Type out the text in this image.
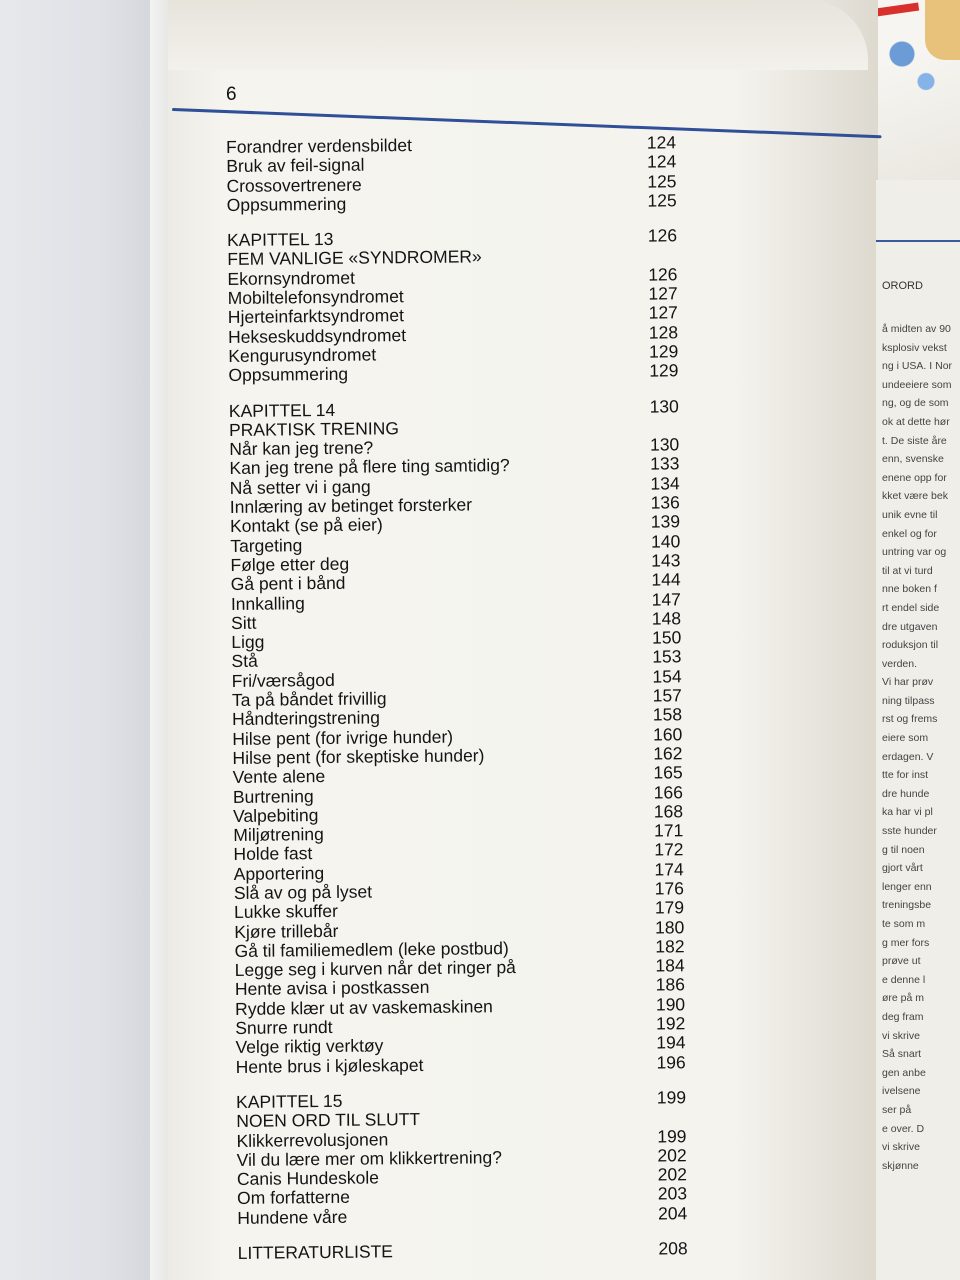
ORORD
å midten av 90
ksplosiv vekst
ng i USA. I Nor
undeeiere som
ng, og de som
ok at dette hør
t. De siste åre
enn, svenske
enene opp for
kket være bek
unik evne til
enkel og for
untring var og
til at vi turd
nne boken f
rt endel side
dre utgaven
roduksjon til
verden.
Vi har prøv
ning tilpass
rst og frems
eiere som
erdagen. V
tte for inst
dre hunde
ka har vi pl
sste hunder
g til noen
gjort vårt
lenger enn
treningsbe
te som m
g mer fors
prøve ut
e denne l
øre på m
deg fram
vi skrive
Så snart
gen anbe
ivelsene
ser på
e over. D
vi skrive
skjønne
6
Forandrer verdensbildet	124
Bruk av feil-signal	124
Crossovertrenere	125
Oppsummering	125
KAPITTEL 13	126
FEM VANLIGE «SYNDROMER»
Ekornsyndromet	126
Mobiltelefonsyndromet	127
Hjerteinfarktsyndromet	127
Hekseskuddsyndromet	128
Kengurusyndromet	129
Oppsummering	129
KAPITTEL 14	130
PRAKTISK TRENING
Når kan jeg trene?	130
Kan jeg trene på flere ting samtidig?	133
Nå setter vi i gang	134
Innlæring av betinget forsterker	136
Kontakt (se på eier)	139
Targeting	140
Følge etter deg	143
Gå pent i bånd	144
Innkalling	147
Sitt	148
Ligg	150
Stå	153
Fri/værsågod	154
Ta på båndet frivillig	157
Håndteringstrening	158
Hilse pent (for ivrige hunder)	160
Hilse pent (for skeptiske hunder)	162
Vente alene	165
Burtrening	166
Valpebiting	168
Miljøtrening	171
Holde fast	172
Apportering	174
Slå av og på lyset	176
Lukke skuffer	179
Kjøre trillebår	180
Gå til familiemedlem (leke postbud)	182
Legge seg i kurven når det ringer på	184
Hente avisa i postkassen	186
Rydde klær ut av vaskemaskinen	190
Snurre rundt	192
Velge riktig verktøy	194
Hente brus i kjøleskapet	196
KAPITTEL 15	199
NOEN ORD TIL SLUTT
Klikkerrevolusjonen	199
Vil du lære mer om klikkertrening?	202
Canis Hundeskole	202
Om forfatterne	203
Hundene våre	204
LITTERATURLISTE	208
